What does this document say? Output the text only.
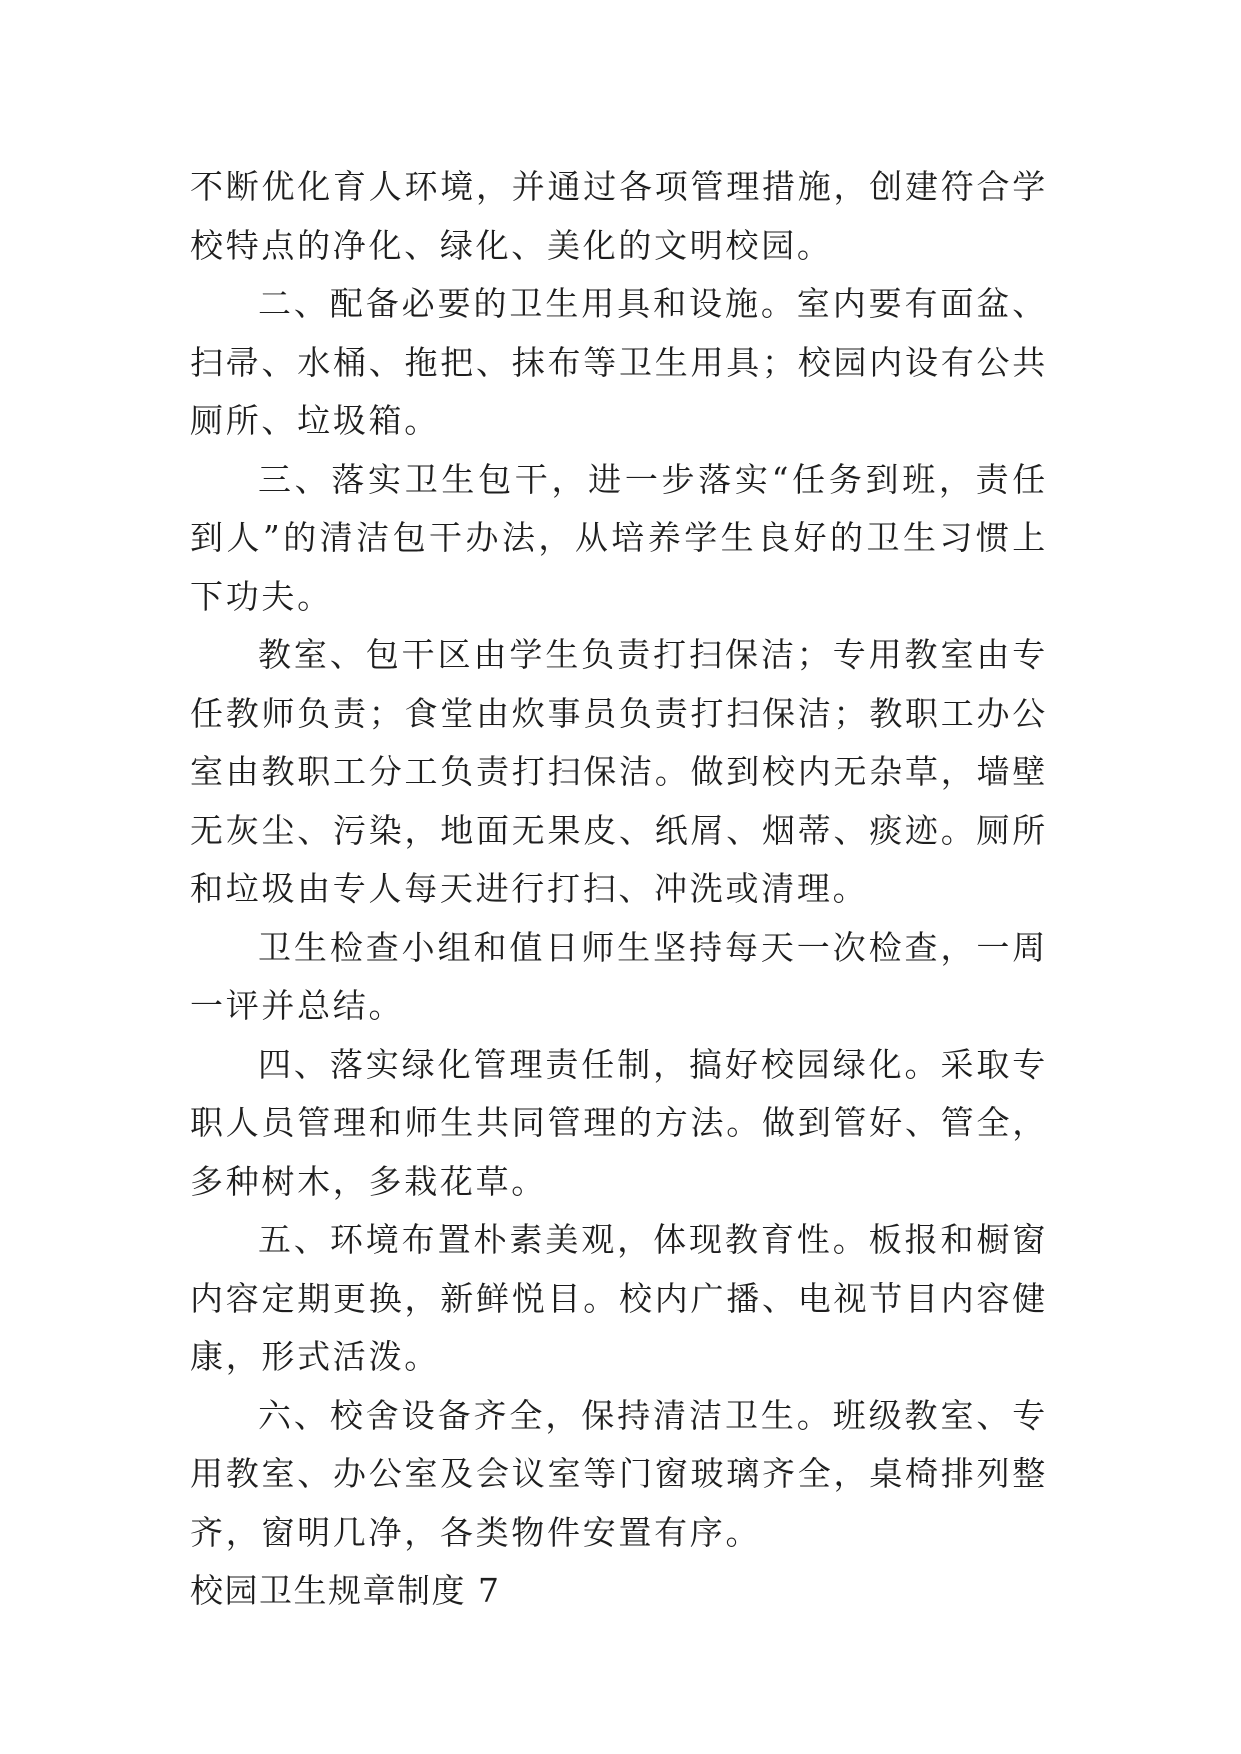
不断优化育人环境，并通过各项管理措施，创建符合学校特点的净化、绿化、美化的文明校园。

二、配备必要的卫生用具和设施。室内要有面盆、扫帚、水桶、拖把、抹布等卫生用具；校园内设有公共厕所、垃圾箱。

三、落实卫生包干，进一步落实“任务到班，责任到人”的清洁包干办法，从培养学生良好的卫生习惯上下功夫。

教室、包干区由学生负责打扫保洁；专用教室由专任教师负责；食堂由炊事员负责打扫保洁；教职工办公室由教职工分工负责打扫保洁。做到校内无杂草，墙壁无灰尘、污染，地面无果皮、纸屑、烟蒂、痰迹。厕所和垃圾由专人每天进行打扫、冲洗或清理。

卫生检查小组和值日师生坚持每天一次检查，一周一评并总结。

四、落实绿化管理责任制，搞好校园绿化。采取专职人员管理和师生共同管理的方法。做到管好、管全，多种树木，多栽花草。

五、环境布置朴素美观，体现教育性。板报和橱窗内容定期更换，新鲜悦目。校内广播、电视节目内容健康，形式活泼。

六、校舍设备齐全，保持清洁卫生。班级教室、专用教室、办公室及会议室等门窗玻璃齐全，桌椅排列整齐，窗明几净，各类物件安置有序。

校园卫生规章制度 7
